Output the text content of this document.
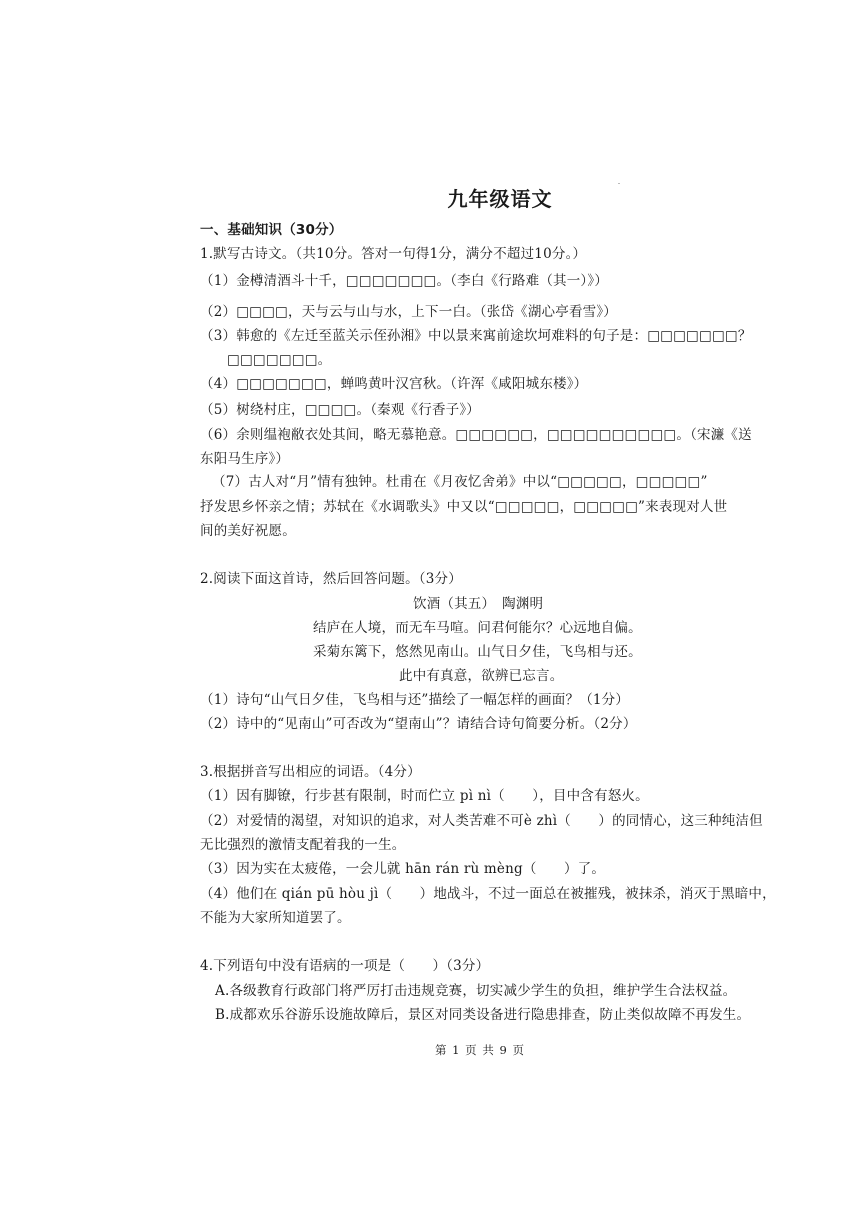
九年级语文
一、基础知识（30分）
1.默写古诗文。（共10分。答对一句得1分，满分不超过10分。）
（1）金樽清酒斗十千，□□□□□□□。（李白《行路难（其一）》）
（2）□□□□，天与云与山与水，上下一白。（张岱《湖心亭看雪》）
（3）韩愈的《左迁至蓝关示侄孙湘》中以景来寓前途坎坷难料的句子是：□□□□□□□？
□□□□□□□。
（4）□□□□□□□，蝉鸣黄叶汉宫秋。（许浑《咸阳城东楼》）
（5）树绕村庄，□□□□。（秦观《行香子》）
（6）余则缊袍敝衣处其间，略无慕艳意。□□□□□□，□□□□□□□□□□。（宋濂《送
东阳马生序》）
（7）古人对“月”情有独钟。杜甫在《月夜忆舍弟》中以“□□□□□，□□□□□”
抒发思乡怀亲之情；苏轼在《水调歌头》中又以“□□□□□，□□□□□”来表现对人世
间的美好祝愿。
2.阅读下面这首诗，然后回答问题。（3分）
饮酒（其五）　陶渊明
结庐在人境，而无车马喧。问君何能尔？心远地自偏。
采菊东篱下，悠然见南山。山气日夕佳，飞鸟相与还。
此中有真意，欲辨已忘言。
（1）诗句“山气日夕佳，飞鸟相与还”描绘了一幅怎样的画面？（1分）
（2）诗中的“见南山”可否改为“望南山”？请结合诗句简要分析。（2分）
3.根据拼音写出相应的词语。（4分）
（1）因有脚镣，行步甚有限制，时而伫立 pì nì（　　），目中含有怒火。
（2）对爱情的渴望，对知识的追求，对人类苦难不可è zhì（　　）的同情心，这三种纯洁但
无比强烈的激情支配着我的一生。
（3）因为实在太疲倦，一会儿就 hān rán rù mèng（　　）了。
（4）他们在 qián pū hòu jì（　　）地战斗，不过一面总在被摧残，被抹杀，消灭于黑暗中，
不能为大家所知道罢了。
4.下列语句中没有语病的一项是（　　）（3分）
A.各级教育行政部门将严厉打击违规竞赛，切实减少学生的负担，维护学生合法权益。
B.成都欢乐谷游乐设施故障后，景区对同类设备进行隐患排查，防止类似故障不再发生。
第 1 页 共 9 页
